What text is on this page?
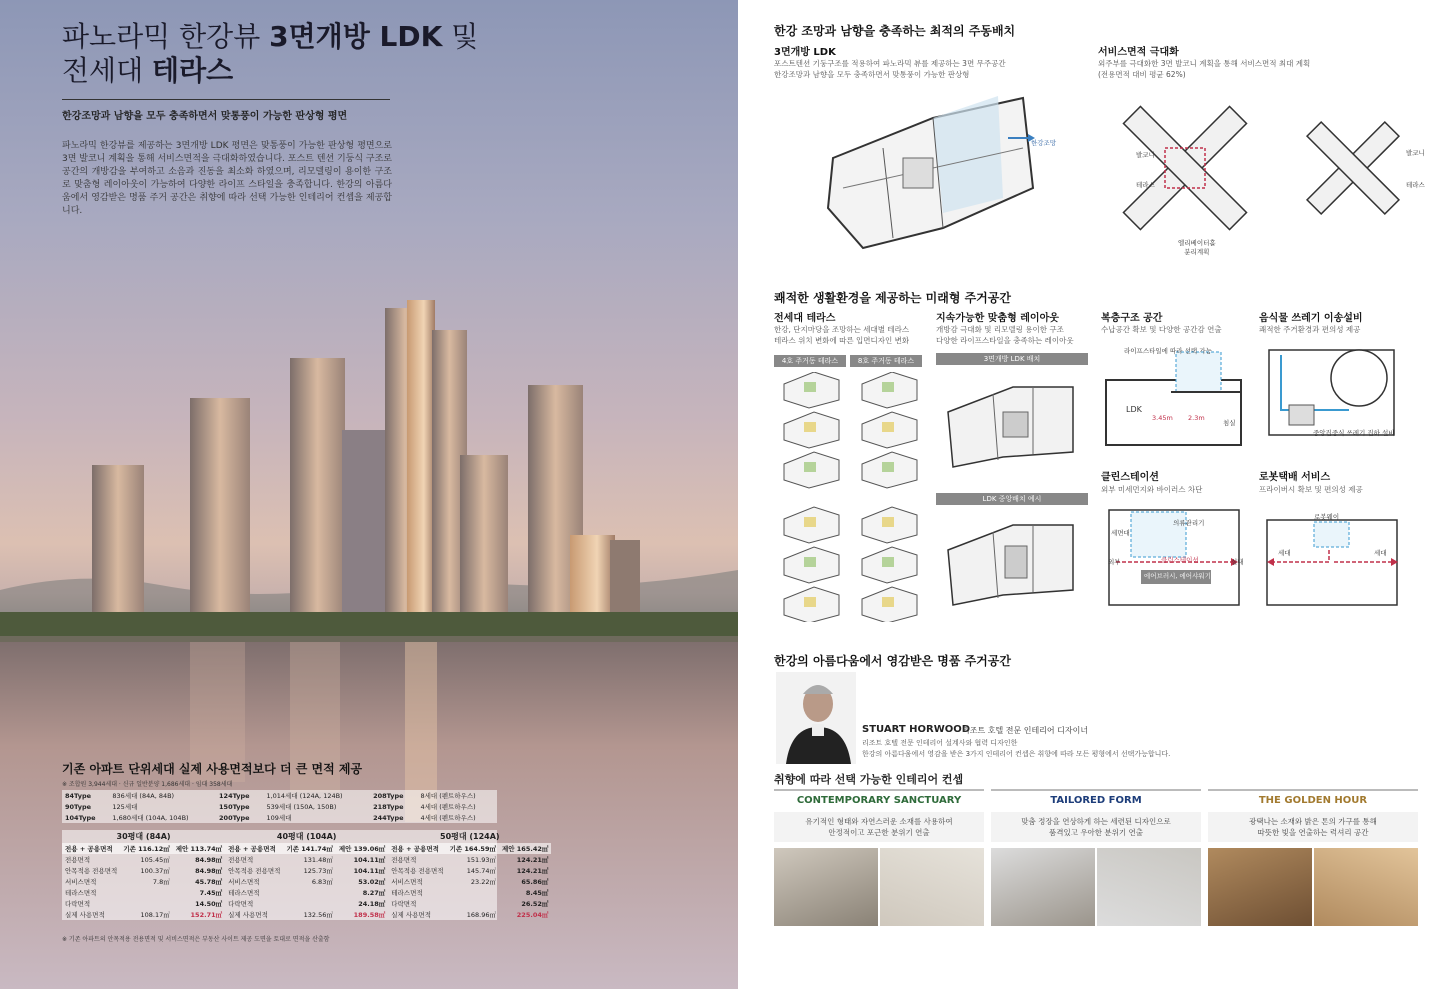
파노라믹 한강뷰 3면개방 LDK 및
전세대 테라스
한강조망과 남향을 모두 충족하면서 맞통풍이 가능한 판상형 평면
파노라믹 한강뷰를 제공하는 3면개방 LDK 평면은 맞통풍이 가능한 판상형 평면으로 3면 발코니 계획을 통해 서비스면적을 극대화하였습니다. 포스트 텐션 기둥식 구조로 공간의 개방감을 부여하고 소음과 진동을 최소화 하였으며, 리모델링이 용이한 구조로 맞춤형 레이아웃이 가능하여 다양한 라이프 스타일을 충족합니다. 한강의 아름다움에서 영감받은 명품 주거 공간은 취향에 따라 선택 가능한 인테리어 컨셉을 제공합니다.
기존 아파트 단위세대 실제 사용면적보다 더 큰 면적 제공
※ 조합원 3,944세대 · 신규 일반분양 1,686세대 · 임대 358세대
84Type	836세대 (84A, 84B)	124Type	1,014세대 (124A, 124B)	208Type	8세대 (펜트하우스)
90Type	125세대	150Type	539세대 (150A, 150B)	218Type	4세대 (펜트하우스)
104Type	1,680세대 (104A, 104B)	200Type	109세대	244Type	4세대 (펜트하우스)
30평대 (84A)			40평대 (104A)			50평대 (124A)		
전용 + 공용면적	기존 116.12㎡	제안 113.74㎡	전용 + 공용면적	기존 141.74㎡	제안 139.06㎡	전용 + 공용면적	기존 164.59㎡	제안 165.42㎡
전용면적	105.45㎡	84.98㎡	전용면적	131.48㎡	104.11㎡	전용면적	151.93㎡	124.21㎡
안목적용 전용면적	100.37㎡	84.98㎡	안목적용 전용면적	125.73㎡	104.11㎡	안목적용 전용면적	145.74㎡	124.21㎡
서비스면적	7.8㎡	45.78㎡	서비스면적	6.83㎡	53.02㎡	서비스면적	23.22㎡	65.86㎡
테라스면적		7.45㎡	테라스면적		8.27㎡	테라스면적		8.45㎡
다락면적		14.50㎡	다락면적		24.18㎡	다락면적		26.52㎡
실제 사용면적	108.17㎡	152.71㎡	실제 사용면적	132.56㎡	189.58㎡	실제 사용면적	168.96㎡	225.04㎡
※ 기존 아파트의 안목적용 전용면적 및 서비스면적은 부동산 사이트 제공 도면을 토대로 면적을 산출함
한강 조망과 남향을 충족하는 최적의 주동배치
3면개방 LDK
포스트텐션 기둥구조를 적용하여 파노라믹 뷰를 제공하는 3면 무주공간
한강조망과 남향을 모두 충족하면서 맞통풍이 가능한 판상형
한강조망
서비스면적 극대화
외주부를 극대화한 3면 발코니 계획을 통해 서비스면적 최대 계획
(전용면적 대비 평균 62%)
발코니
테라스
엘리베이터홀
분리계획
발코니
테라스
쾌적한 생활환경을 제공하는 미래형 주거공간
전세대 테라스
한강, 단지마당을 조망하는 세대별 테라스
테라스 위치 변화에 따른 입면디자인 변화
4호 주거동 테라스	8호 주거동 테라스
지속가능한 맞춤형 레이아웃
개방감 극대화 및 리모델링 용이한 구조
다양한 라이프스타일을 충족하는 레이아웃
3면개방 LDK 배치
LDK 중앙배치 예시
복층구조 공간
수납공간 확보 및 다양한 공간감 연출
라이프스타일에 따라 선택 가능
LDK
3.45m 2.3m
침실
음식물 쓰레기 이송설비
쾌적한 주거환경과 편의성 제공
중앙집중식 쓰레기 집하 설비
클린스테이션
외부 미세먼지와 바이러스 차단
의류관리기
세면대
외부	클린스테이션	실내
에어브러시, 에어샤워기
로봇택배 서비스
프라이버시 확보 및 편의성 제공
로봇웨이
세대	세대
한강의 아름다움에서 영감받은 명품 주거공간
STUART HORWOOD
리조트 호텔 전문 인테리어 디자이너
리조트 호텔 전문 인테리어 설계사와 협력 디자인한
한강의 아름다움에서 영감을 받은 3가지 인테리어 컨셉은 취향에 따라 모든 평형에서 선택가능합니다.
취향에 따라 선택 가능한 인테리어 컨셉
CONTEMPORARY SANCTUARY
유기적인 형태와 자연스러운 소재를 사용하여
안정적이고 포근한 분위기 연출
TAILORED FORM
맞춤 정장을 연상하게 하는 세련된 디자인으로
품격있고 우아한 분위기 연출
THE GOLDEN HOUR
광택나는 소재와 밝은 톤의 가구를 통해
따뜻한 빛을 연출하는 럭셔리 공간
